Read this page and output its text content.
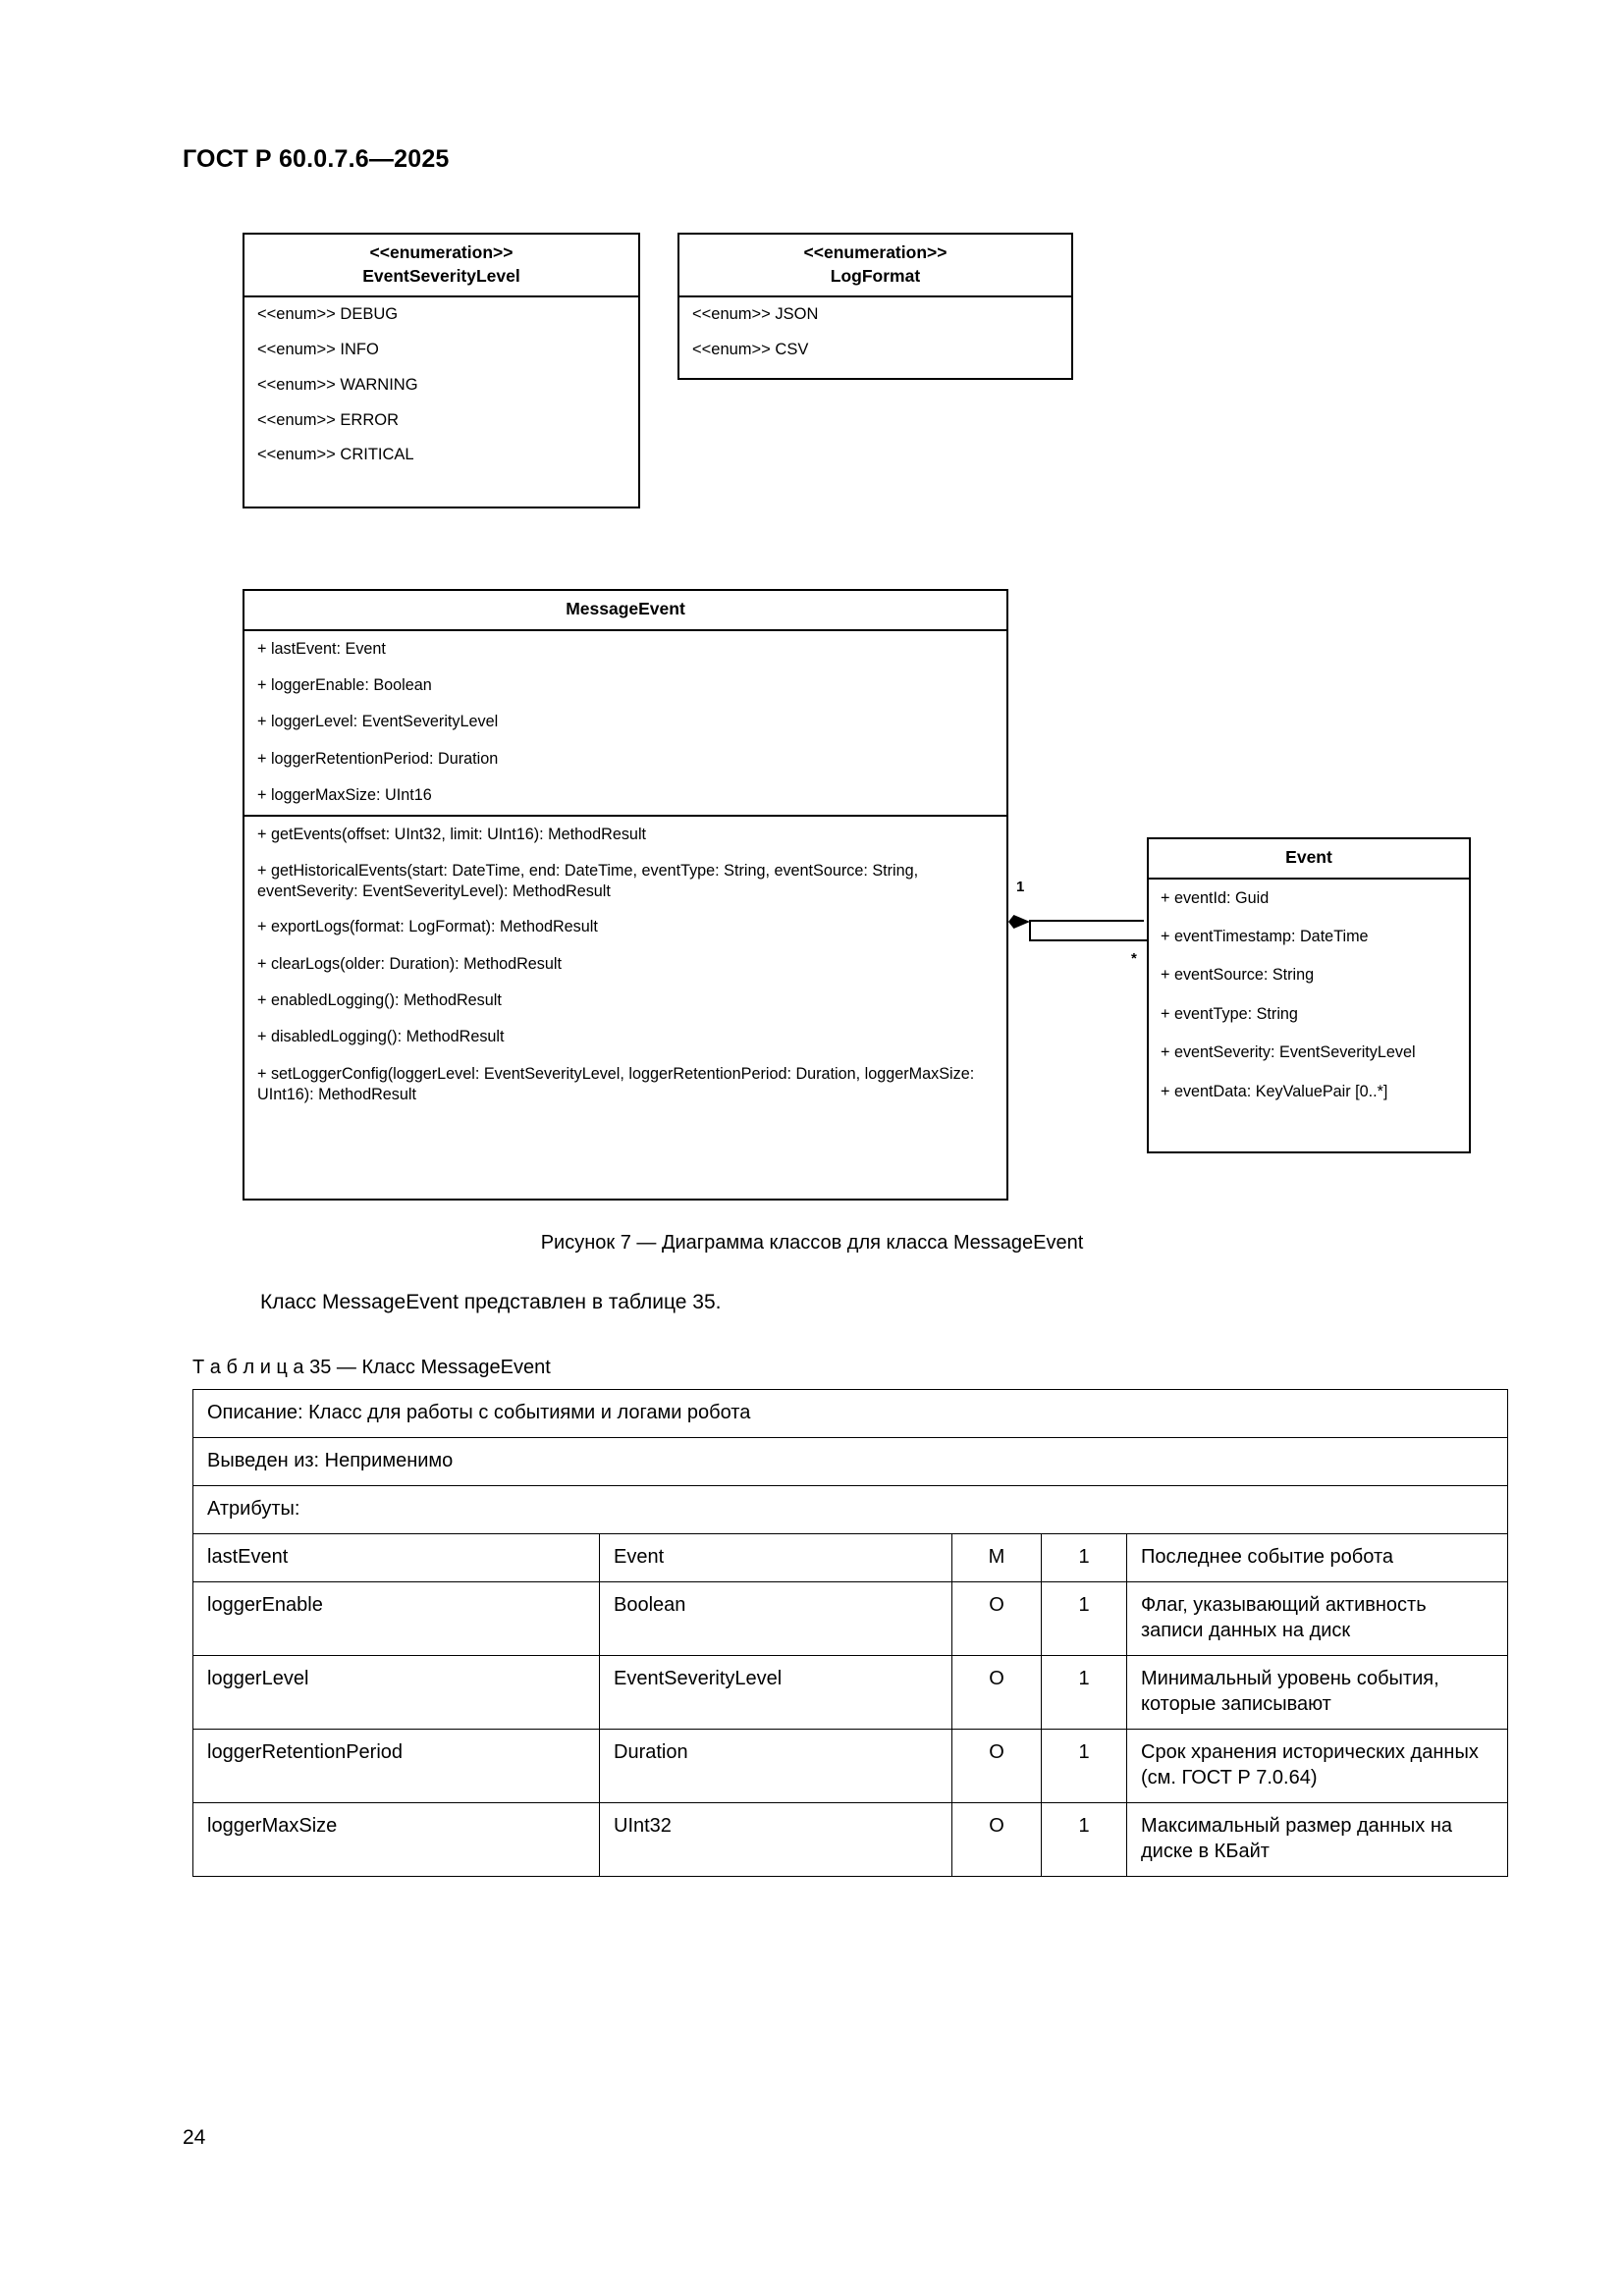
ГОСТ Р 60.0.7.6—2025
<<enumeration>>
EventSeverityLevel
<<enum>> DEBUG
<<enum>> INFO
<<enum>> WARNING
<<enum>> ERROR
<<enum>> CRITICAL
<<enumeration>>
LogFormat
<<enum>> JSON
<<enum>> CSV
MessageEvent
+ lastEvent: Event
+ loggerEnable: Boolean
+ loggerLevel: EventSeverityLevel
+ loggerRetentionPeriod: Duration
+ loggerMaxSize: UInt16
+ getEvents(offset: UInt32, limit: UInt16): MethodResult
+ getHistoricalEvents(start: DateTime, end: DateTime, eventType: String, eventSource: String, eventSeverity: EventSeverityLevel): MethodResult
+ exportLogs(format: LogFormat): MethodResult
+ clearLogs(older: Duration): MethodResult
+ enabledLogging(): MethodResult
+ disabledLogging(): MethodResult
+ setLoggerConfig(loggerLevel: EventSeverityLevel, loggerRetentionPeriod: Duration, loggerMaxSize: UInt16): MethodResult
Event
+ eventId: Guid
+ eventTimestamp: DateTime
+ eventSource: String
+ eventType: String
+ eventSeverity: EventSeverityLevel
+ eventData: KeyValuePair [0..*]
1
*
Рисунок 7 — Диаграмма классов для класса MessageEvent
Класс MessageEvent представлен в таблице 35.
Т а б л и ц а 35 — Класс MessageEvent
Описание: Класс для работы с событиями и логами робота				
Выведен из: Неприменимо				
Атрибуты:				
lastEvent	Event	M	1	Последнее событие робота
loggerEnable	Boolean	O	1	Флаг, указывающий активность записи данных на диск
loggerLevel	EventSeverityLevel	O	1	Минимальный уровень события, которые записывают
loggerRetentionPeriod	Duration	O	1	Срок хранения исторических данных (см. ГОСТ Р 7.0.64)
loggerMaxSize	UInt32	O	1	Максимальный размер данных на диске в КБайт
24
